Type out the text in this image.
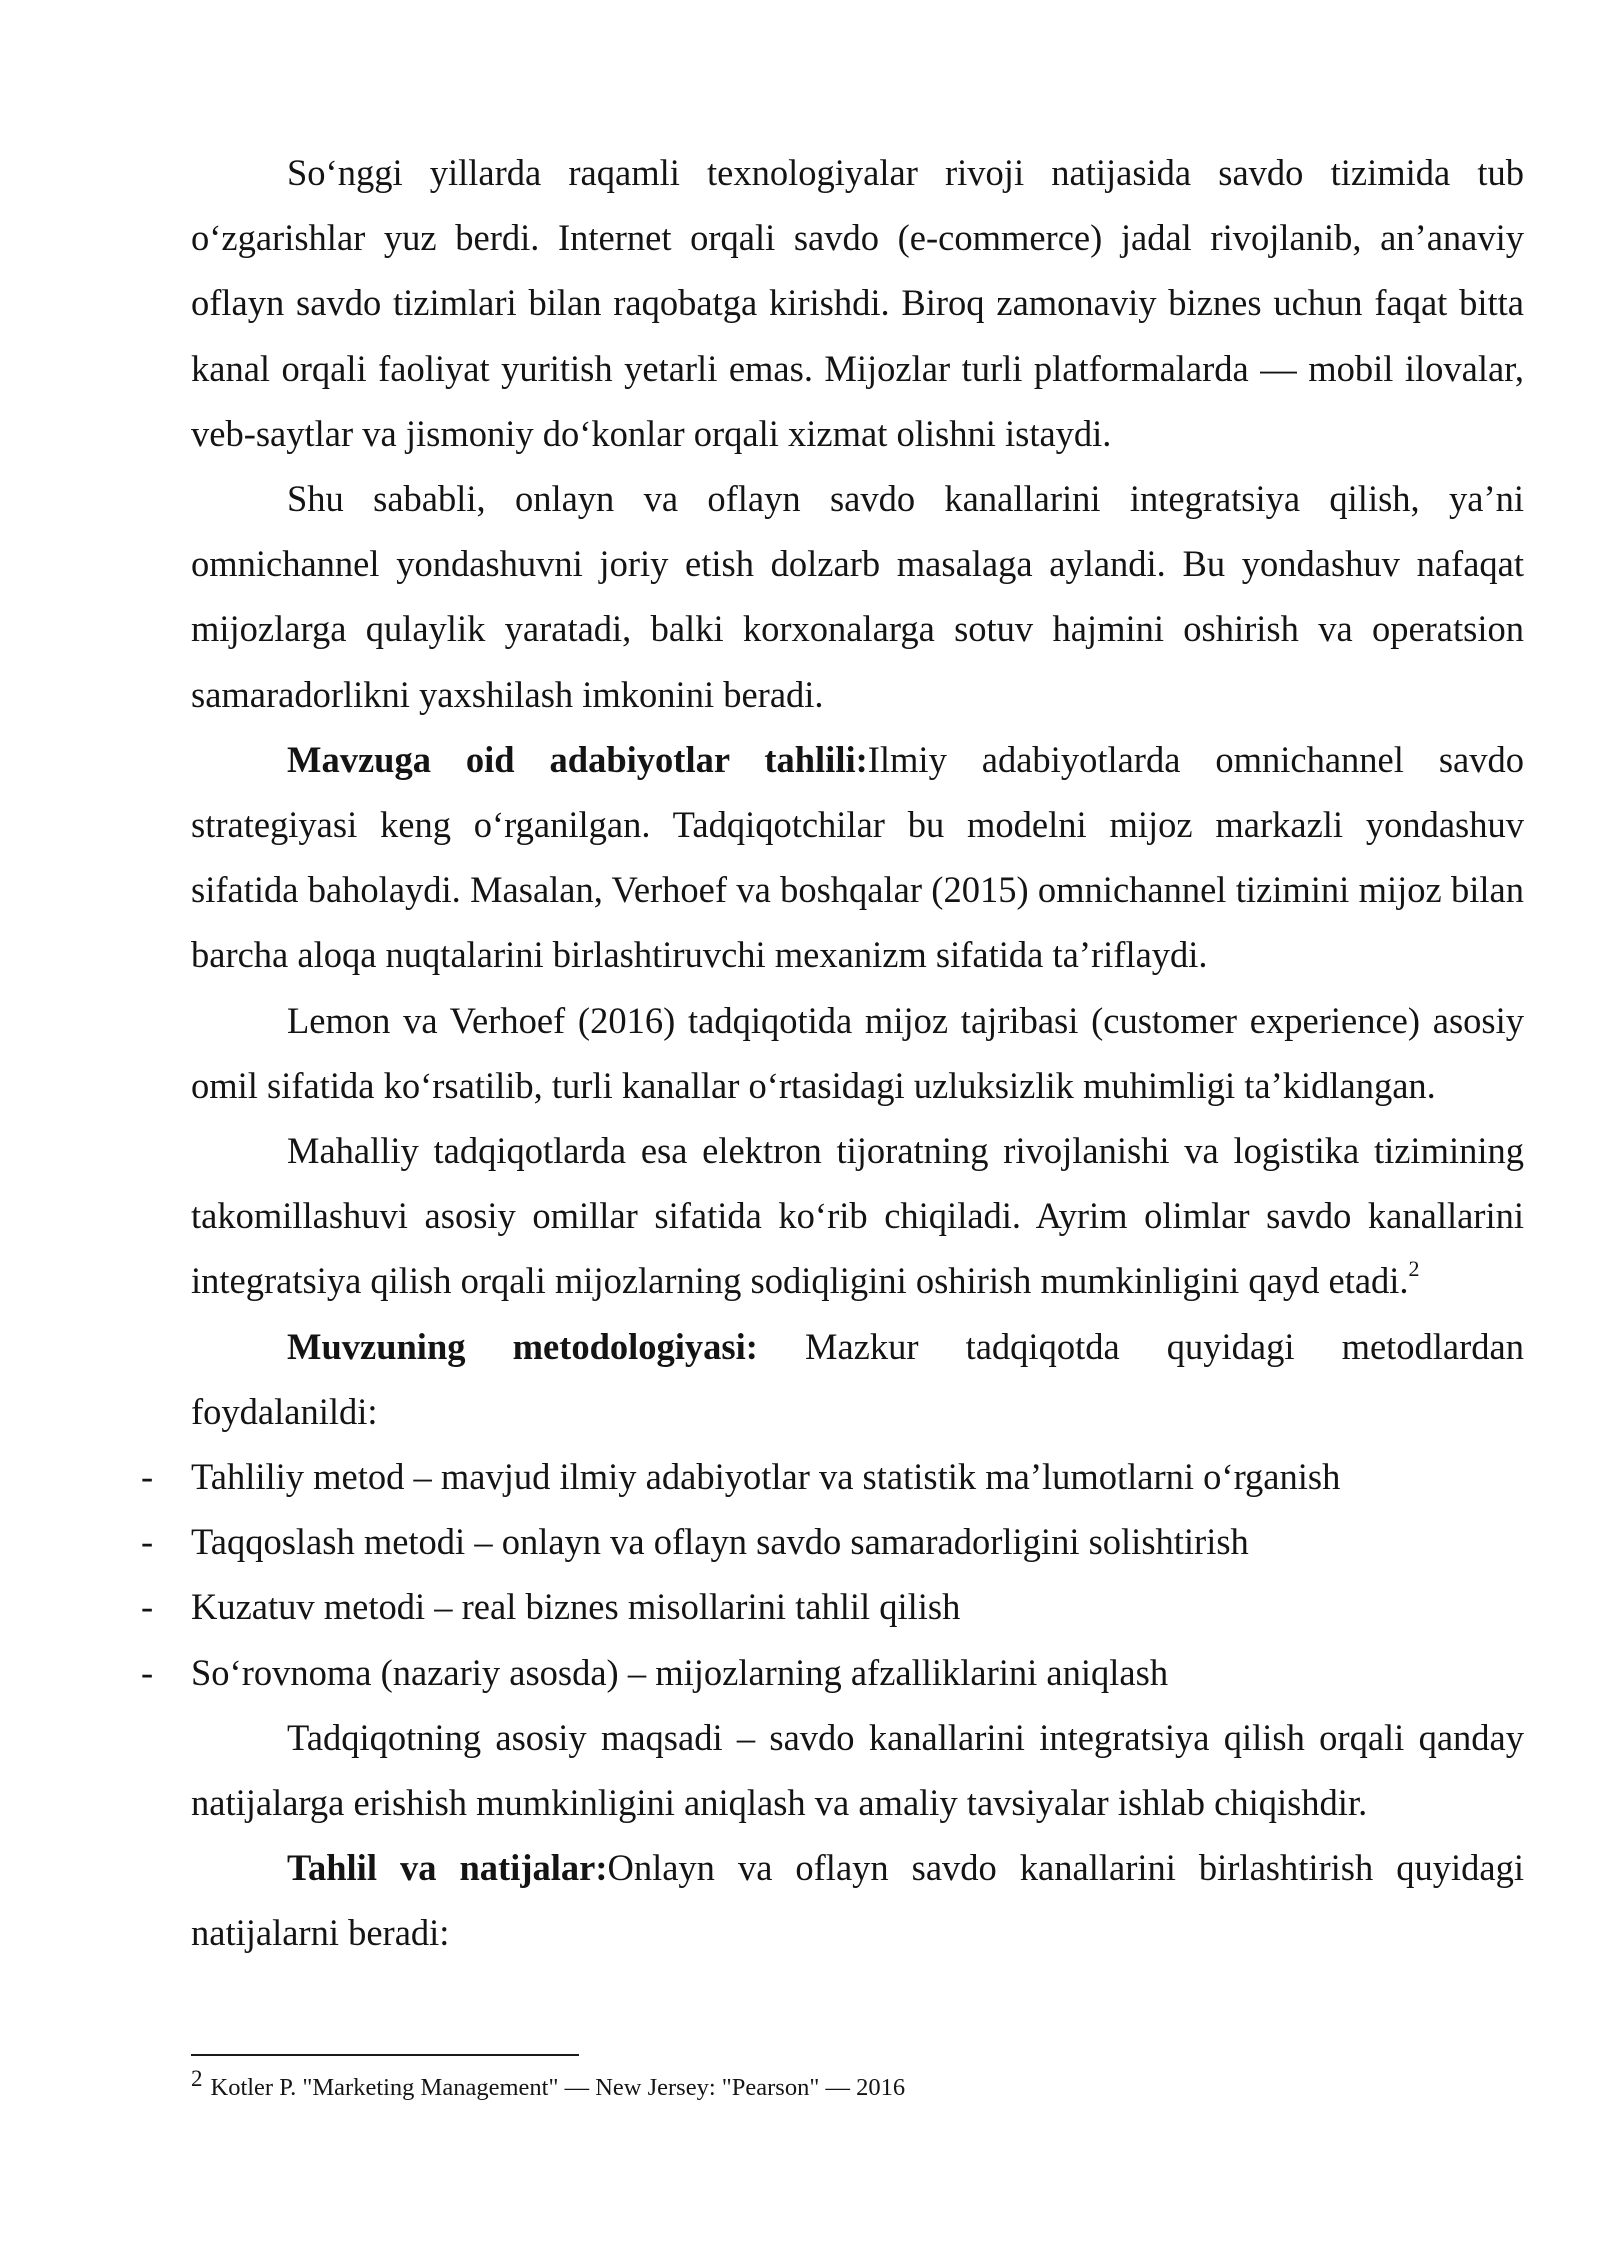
So‘nggi yillarda raqamli texnologiyalar rivoji natijasida savdo tizimida tub o‘zgarishlar yuz berdi. Internet orqali savdo (e-commerce) jadal rivojlanib, an’anaviy oflayn savdo tizimlari bilan raqobatga kirishdi. Biroq zamonaviy biznes uchun faqat bitta kanal orqali faoliyat yuritish yetarli emas. Mijozlar turli platformalarda — mobil ilovalar, veb-saytlar va jismoniy do‘konlar orqali xizmat olishni istaydi.

Shu sababli, onlayn va oflayn savdo kanallarini integratsiya qilish, ya’ni omnichannel yondashuvni joriy etish dolzarb masalaga aylandi. Bu yondashuv nafaqat mijozlarga qulaylik yaratadi, balki korxonalarga sotuv hajmini oshirish va operatsion samaradorlikni yaxshilash imkonini beradi.

Mavzuga oid adabiyotlar tahlili:Ilmiy adabiyotlarda omnichannel savdo strategiyasi keng o‘rganilgan. Tadqiqotchilar bu modelni mijoz markazli yondashuv sifatida baholaydi. Masalan, Verhoef va boshqalar (2015) omnichannel tizimini mijoz bilan barcha aloqa nuqtalarini birlashtiruvchi mexanizm sifatida ta’riflaydi.

Lemon va Verhoef (2016) tadqiqotida mijoz tajribasi (customer experience) asosiy omil sifatida ko‘rsatilib, turli kanallar o‘rtasidagi uzluksizlik muhimligi ta’kidlangan.

Mahalliy tadqiqotlarda esa elektron tijoratning rivojlanishi va logistika tizimining takomillashuvi asosiy omillar sifatida ko‘rib chiqiladi. Ayrim olimlar savdo kanallarini integratsiya qilish orqali mijozlarning sodiqligini oshirish mumkinligini qayd etadi.$^2$

Muvzuning metodologiyasi: Mazkur tadqiqotda quyidagi metodlardan foydalanildi:

- Tahliliy metod – mavjud ilmiy adabiyotlar va statistik ma’lumotlarni o‘rganish
- Taqqoslash metodi – onlayn va oflayn savdo samaradorligini solishtirish
- Kuzatuv metodi – real biznes misollarini tahlil qilish
- So‘rovnoma (nazariy asosda) – mijozlarning afzalliklarini aniqlash

Tadqiqotning asosiy maqsadi – savdo kanallarini integratsiya qilish orqali qanday natijalarga erishish mumkinligini aniqlash va amaliy tavsiyalar ishlab chiqishdir.

Tahlil va natijalar:Onlayn va oflayn savdo kanallarini birlashtirish quyidagi natijalarni beradi:

2 Kotler P. "Marketing Management" — New Jersey: "Pearson" — 2016
